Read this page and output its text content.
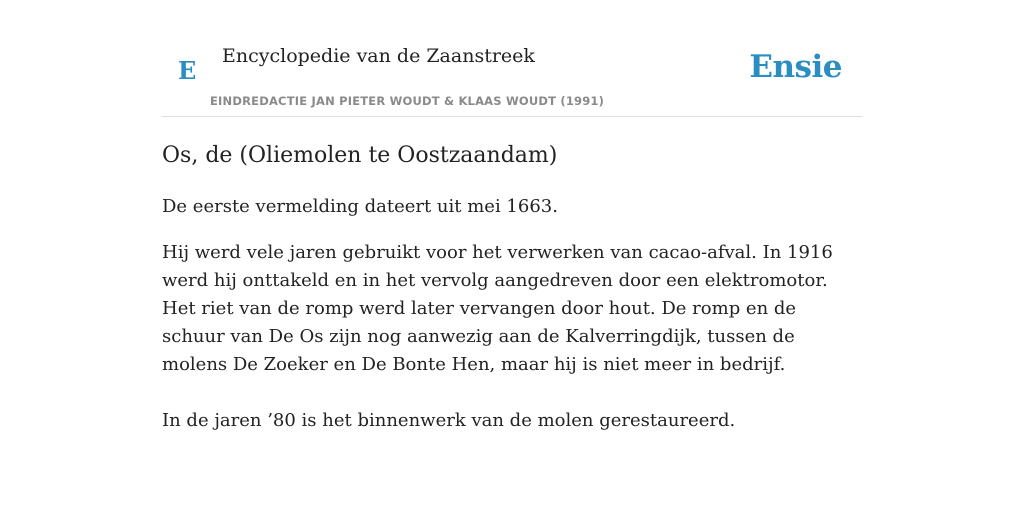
E Encyclopedie van de Zaanstreek
EINDREDACTIE JAN PIETER WOUDT & KLAAS WOUDT (1991)
Ensie
Os, de (Oliemolen te Oostzaandam)

De eerste vermelding dateert uit mei 1663.

Hij werd vele jaren gebruikt voor het verwerken van cacao-afval. In 1916 werd hij onttakeld en in het vervolg aangedreven door een elektromotor. Het riet van de romp werd later vervangen door hout. De romp en de schuur van De Os zijn nog aanwezig aan de Kalverringdijk, tussen de molens De Zoeker en De Bonte Hen, maar hij is niet meer in bedrijf.

In de jaren ’80 is het binnenwerk van de molen gerestaureerd.
